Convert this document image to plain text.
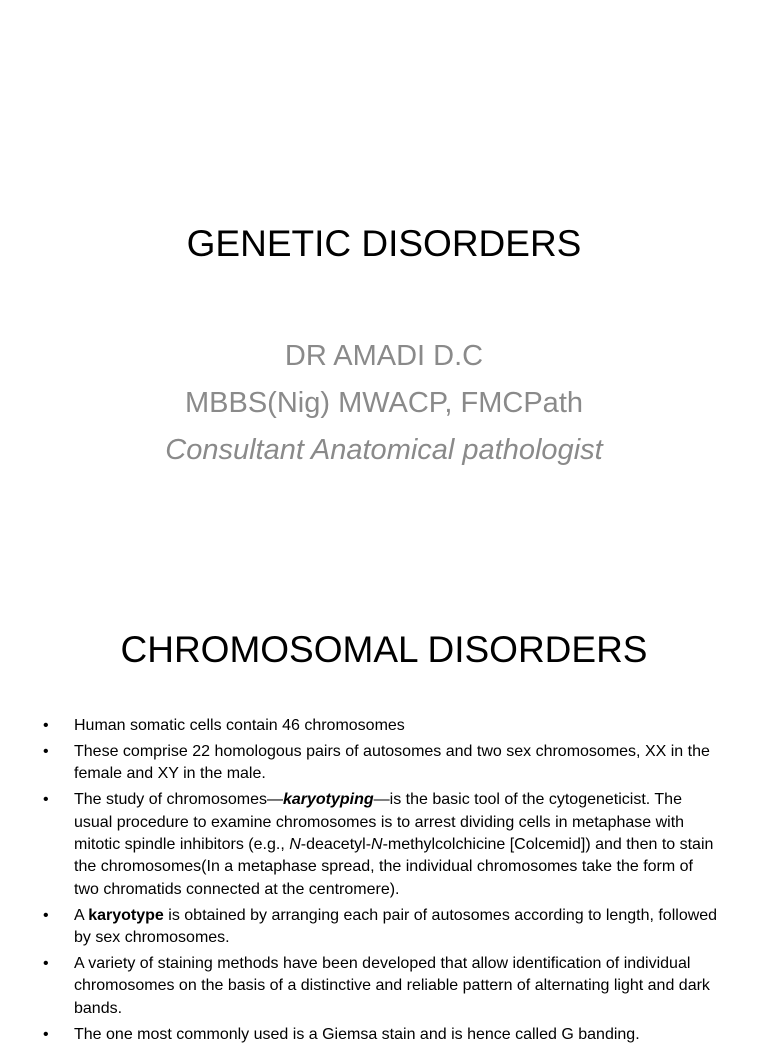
GENETIC DISORDERS
DR AMADI D.C
MBBS(Nig) MWACP, FMCPath
Consultant Anatomical pathologist
CHROMOSOMAL DISORDERS
• Human somatic cells contain 46 chromosomes
• These comprise 22 homologous pairs of autosomes and two sex chromosomes, XX in the female and XY in the male.
• The study of chromosomes—karyotyping—is the basic tool of the cytogeneticist. The usual procedure to examine chromosomes is to arrest dividing cells in metaphase with mitotic spindle inhibitors (e.g., N-deacetyl-N-methylcolchicine [Colcemid]) and then to stain the chromosomes(In a metaphase spread, the individual chromosomes take the form of two chromatids connected at the centromere).
• A karyotype is obtained by arranging each pair of autosomes according to length, followed by sex chromosomes.
• A variety of staining methods have been developed that allow identification of individual chromosomes on the basis of a distinctive and reliable pattern of alternating light and dark bands.
• The one most commonly used is a Giemsa stain and is hence called G banding.
